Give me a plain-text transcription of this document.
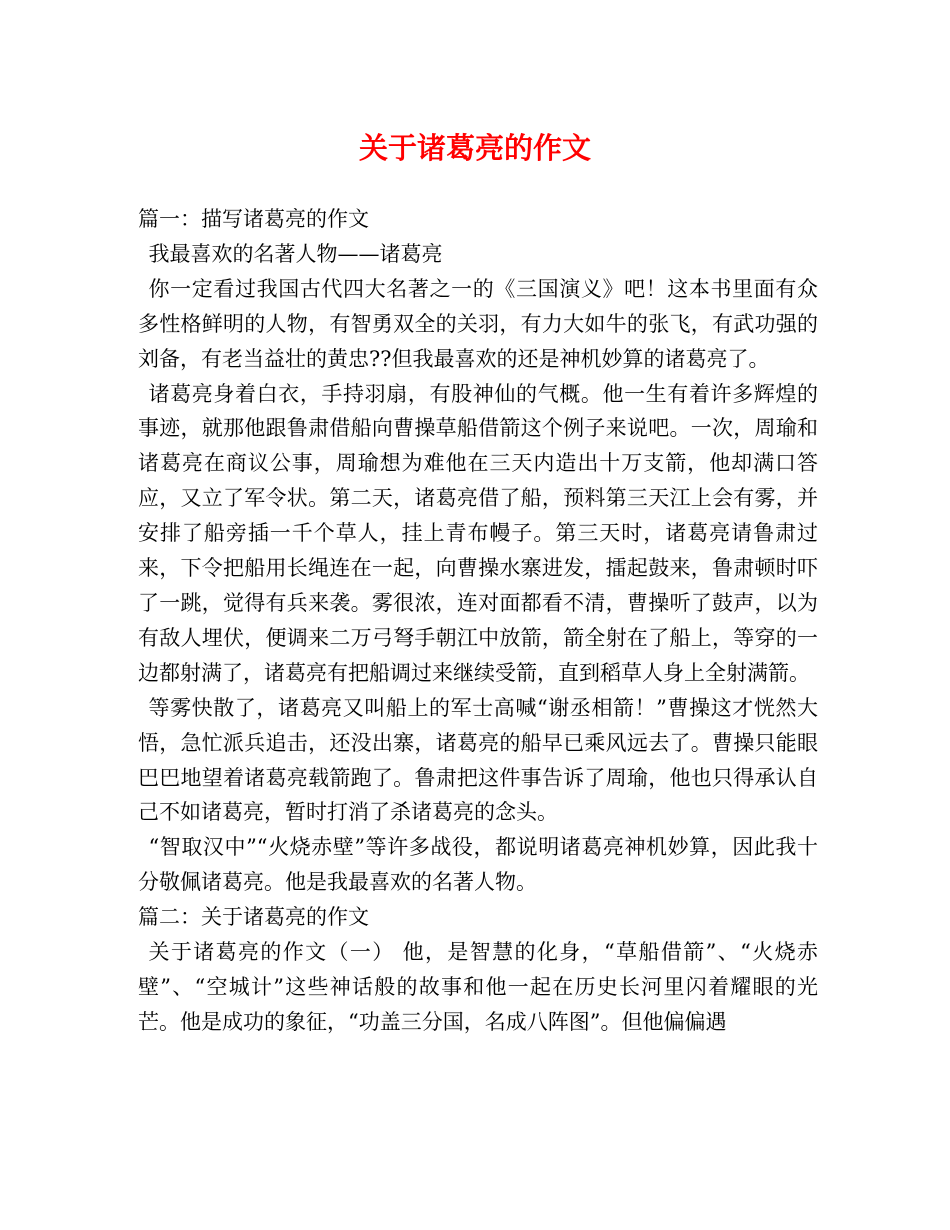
关于诸葛亮的作文

篇一：描写诸葛亮的作文

我最喜欢的名著人物——诸葛亮

你一定看过我国古代四大名著之一的《三国演义》吧！这本书里面有众多性格鲜明的人物，有智勇双全的关羽，有力大如牛的张飞，有武功强的刘备，有老当益壮的黄忠??但我最喜欢的还是神机妙算的诸葛亮了。

诸葛亮身着白衣，手持羽扇，有股神仙的气概。他一生有着许多辉煌的事迹，就那他跟鲁肃借船向曹操草船借箭这个例子来说吧。一次，周瑜和诸葛亮在商议公事，周瑜想为难他在三天内造出十万支箭，他却满口答应，又立了军令状。第二天，诸葛亮借了船，预料第三天江上会有雾，并安排了船旁插一千个草人，挂上青布幔子。第三天时，诸葛亮请鲁肃过来，下令把船用长绳连在一起，向曹操水寨进发，擂起鼓来，鲁肃顿时吓了一跳，觉得有兵来袭。雾很浓，连对面都看不清，曹操听了鼓声，以为有敌人埋伏，便调来二万弓弩手朝江中放箭，箭全射在了船上，等穿的一边都射满了，诸葛亮有把船调过来继续受箭，直到稻草人身上全射满箭。

等雾快散了，诸葛亮又叫船上的军士高喊“谢丞相箭！”曹操这才恍然大悟，急忙派兵追击，还没出寨，诸葛亮的船早已乘风远去了。曹操只能眼巴巴地望着诸葛亮载箭跑了。鲁肃把这件事告诉了周瑜，他也只得承认自己不如诸葛亮，暂时打消了杀诸葛亮的念头。

“智取汉中”“火烧赤壁”等许多战役，都说明诸葛亮神机妙算，因此我十分敬佩诸葛亮。他是我最喜欢的名著人物。

篇二：关于诸葛亮的作文

关于诸葛亮的作文（一） 他，是智慧的化身，“草船借箭”、“火烧赤壁”、“空城计”这些神话般的故事和他一起在历史长河里闪着耀眼的光芒。他是成功的象征，“功盖三分国，名成八阵图”。但他偏偏遇
